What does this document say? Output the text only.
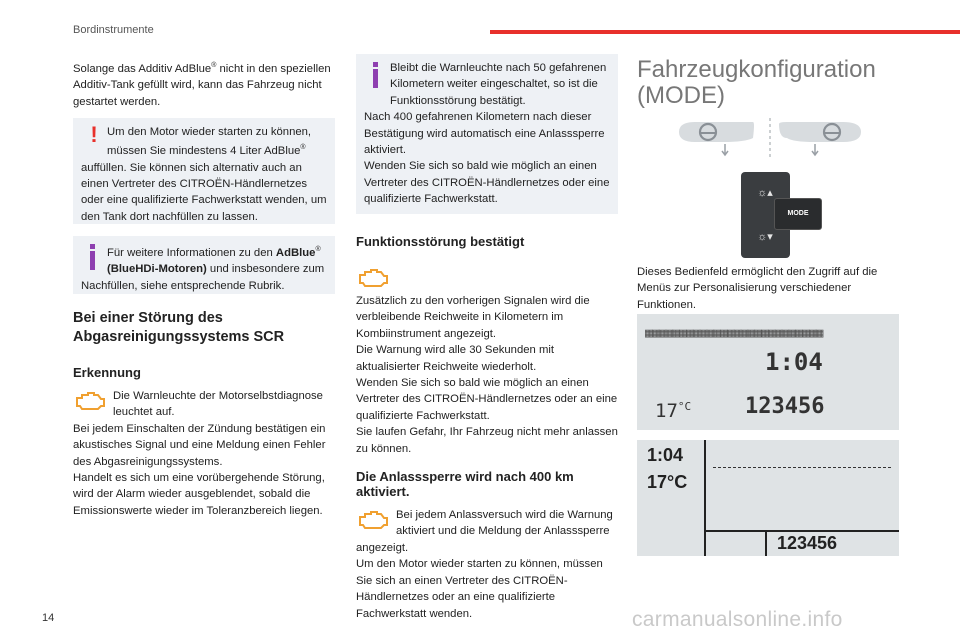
Bordinstrumente
14	carmanualsonline.info

Solange das Additiv AdBlue® nicht in den speziellen Additiv-Tank gefüllt wird, kann das Fahrzeug nicht gestartet werden.

! Um den Motor wieder starten zu können, müssen Sie mindestens 4 Liter AdBlue® auffüllen. Sie können sich alternativ auch an einen Vertreter des CITROËN-Händlernetzes oder eine qualifizierte Fachwerkstatt wenden, um den Tank dort nachfüllen zu lassen.

Für weitere Informationen zu den AdBlue® (BlueHDi-Motoren) und insbesondere zum Nachfüllen, siehe entsprechende Rubrik.

Bei einer Störung des
Abgasreinigungssystems SCR

Erkennung

Die Warnleuchte der Motorselbstdiagnose leuchtet auf.
Bei jedem Einschalten der Zündung bestätigen ein akustisches Signal und eine Meldung einen Fehler des Abgasreinigungssystems.
Handelt es sich um eine vorübergehende Störung, wird der Alarm wieder ausgeblendet, sobald die Emissionswerte wieder im Toleranzbereich liegen.

Bleibt die Warnleuchte nach 50 gefahrenen Kilometern weiter eingeschaltet, so ist die Funktionsstörung bestätigt.
Nach 400 gefahrenen Kilometern nach dieser Bestätigung wird automatisch eine Anlasssperre aktiviert.
Wenden Sie sich so bald wie möglich an einen Vertreter des CITROËN-Händlernetzes oder eine qualifizierte Fachwerkstatt.

Funktionsstörung bestätigt

Zusätzlich zu den vorherigen Signalen wird die verbleibende Reichweite in Kilometern im Kombiinstrument angezeigt.
Die Warnung wird alle 30 Sekunden mit aktualisierter Reichweite wiederholt.
Wenden Sie sich so bald wie möglich an einen Vertreter des CITROËN-Händlernetzes oder an eine qualifizierte Fachwerkstatt.
Sie laufen Gefahr, Ihr Fahrzeug nicht mehr anlassen zu können.

Die Anlasssperre wird nach 400 km aktiviert.

Bei jedem Anlassversuch wird die Warnung aktiviert und die Meldung der Anlasssperre angezeigt.
Um den Motor wieder starten zu können, müssen Sie sich an einen Vertreter des CITROËN-Händlernetzes oder an eine qualifizierte Fachwerkstatt wenden.

Fahrzeugkonfiguration
(MODE)
☼▴
☼▾
MODE
Dieses Bedienfeld ermöglicht den Zugriff auf die Menüs zur Personalisierung verschiedener Funktionen.
▦▦▦▦▦▦▦▦▦▦▦▦▦▦▦▦▦▦▦▦▦▦▦▦▦▦
1:04
$17^{^\circ C}$ 123456
1:04
17°C
123456
